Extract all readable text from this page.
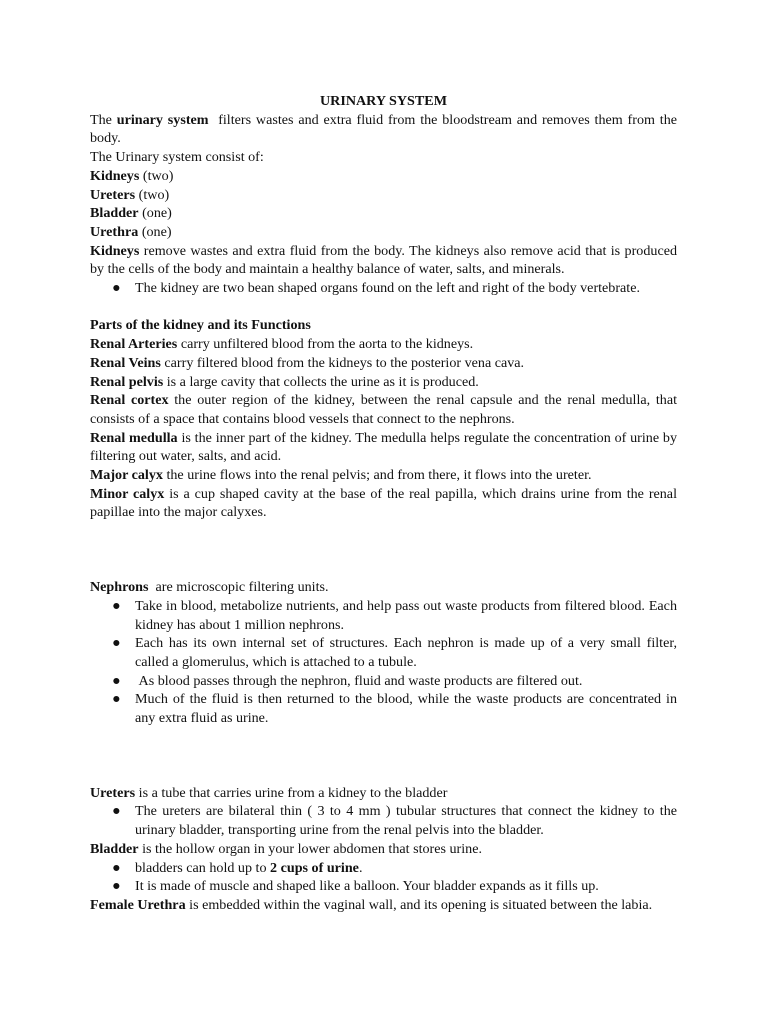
URINARY SYSTEM

The urinary system filters wastes and extra fluid from the bloodstream and removes them from the body.

The Urinary system consist of:

Kidneys (two)

Ureters (two)

Bladder (one)

Urethra (one)

Kidneys remove wastes and extra fluid from the body. The kidneys also remove acid that is produced by the cells of the body and maintain a healthy balance of water, salts, and minerals.

● The kidney are two bean shaped organs found on the left and right of the body vertebrate.

Parts of the kidney and its Functions

Renal Arteries carry unfiltered blood from the aorta to the kidneys.

Renal Veins carry filtered blood from the kidneys to the posterior vena cava.

Renal pelvis is a large cavity that collects the urine as it is produced.

Renal cortex the outer region of the kidney, between the renal capsule and the renal medulla, that consists of a space that contains blood vessels that connect to the nephrons.

Renal medulla is the inner part of the kidney. The medulla helps regulate the concentration of urine by filtering out water, salts, and acid.

Major calyx the urine flows into the renal pelvis; and from there, it flows into the ureter.

Minor calyx is a cup shaped cavity at the base of the real papilla, which drains urine from the renal papillae into the major calyxes.

Nephrons are microscopic filtering units.

● Take in blood, metabolize nutrients, and help pass out waste products from filtered blood. Each kidney has about 1 million nephrons.
● Each has its own internal set of structures. Each nephron is made up of a very small filter, called a glomerulus, which is attached to a tubule.
● As blood passes through the nephron, fluid and waste products are filtered out.
● Much of the fluid is then returned to the blood, while the waste products are concentrated in any extra fluid as urine.

Ureters is a tube that carries urine from a kidney to the bladder

● The ureters are bilateral thin ( 3 to 4 mm ) tubular structures that connect the kidney to the urinary bladder, transporting urine from the renal pelvis into the bladder.

Bladder is the hollow organ in your lower abdomen that stores urine.

● bladders can hold up to 2 cups of urine.
● It is made of muscle and shaped like a balloon. Your bladder expands as it fills up.

Female Urethra is embedded within the vaginal wall, and its opening is situated between the labia.
